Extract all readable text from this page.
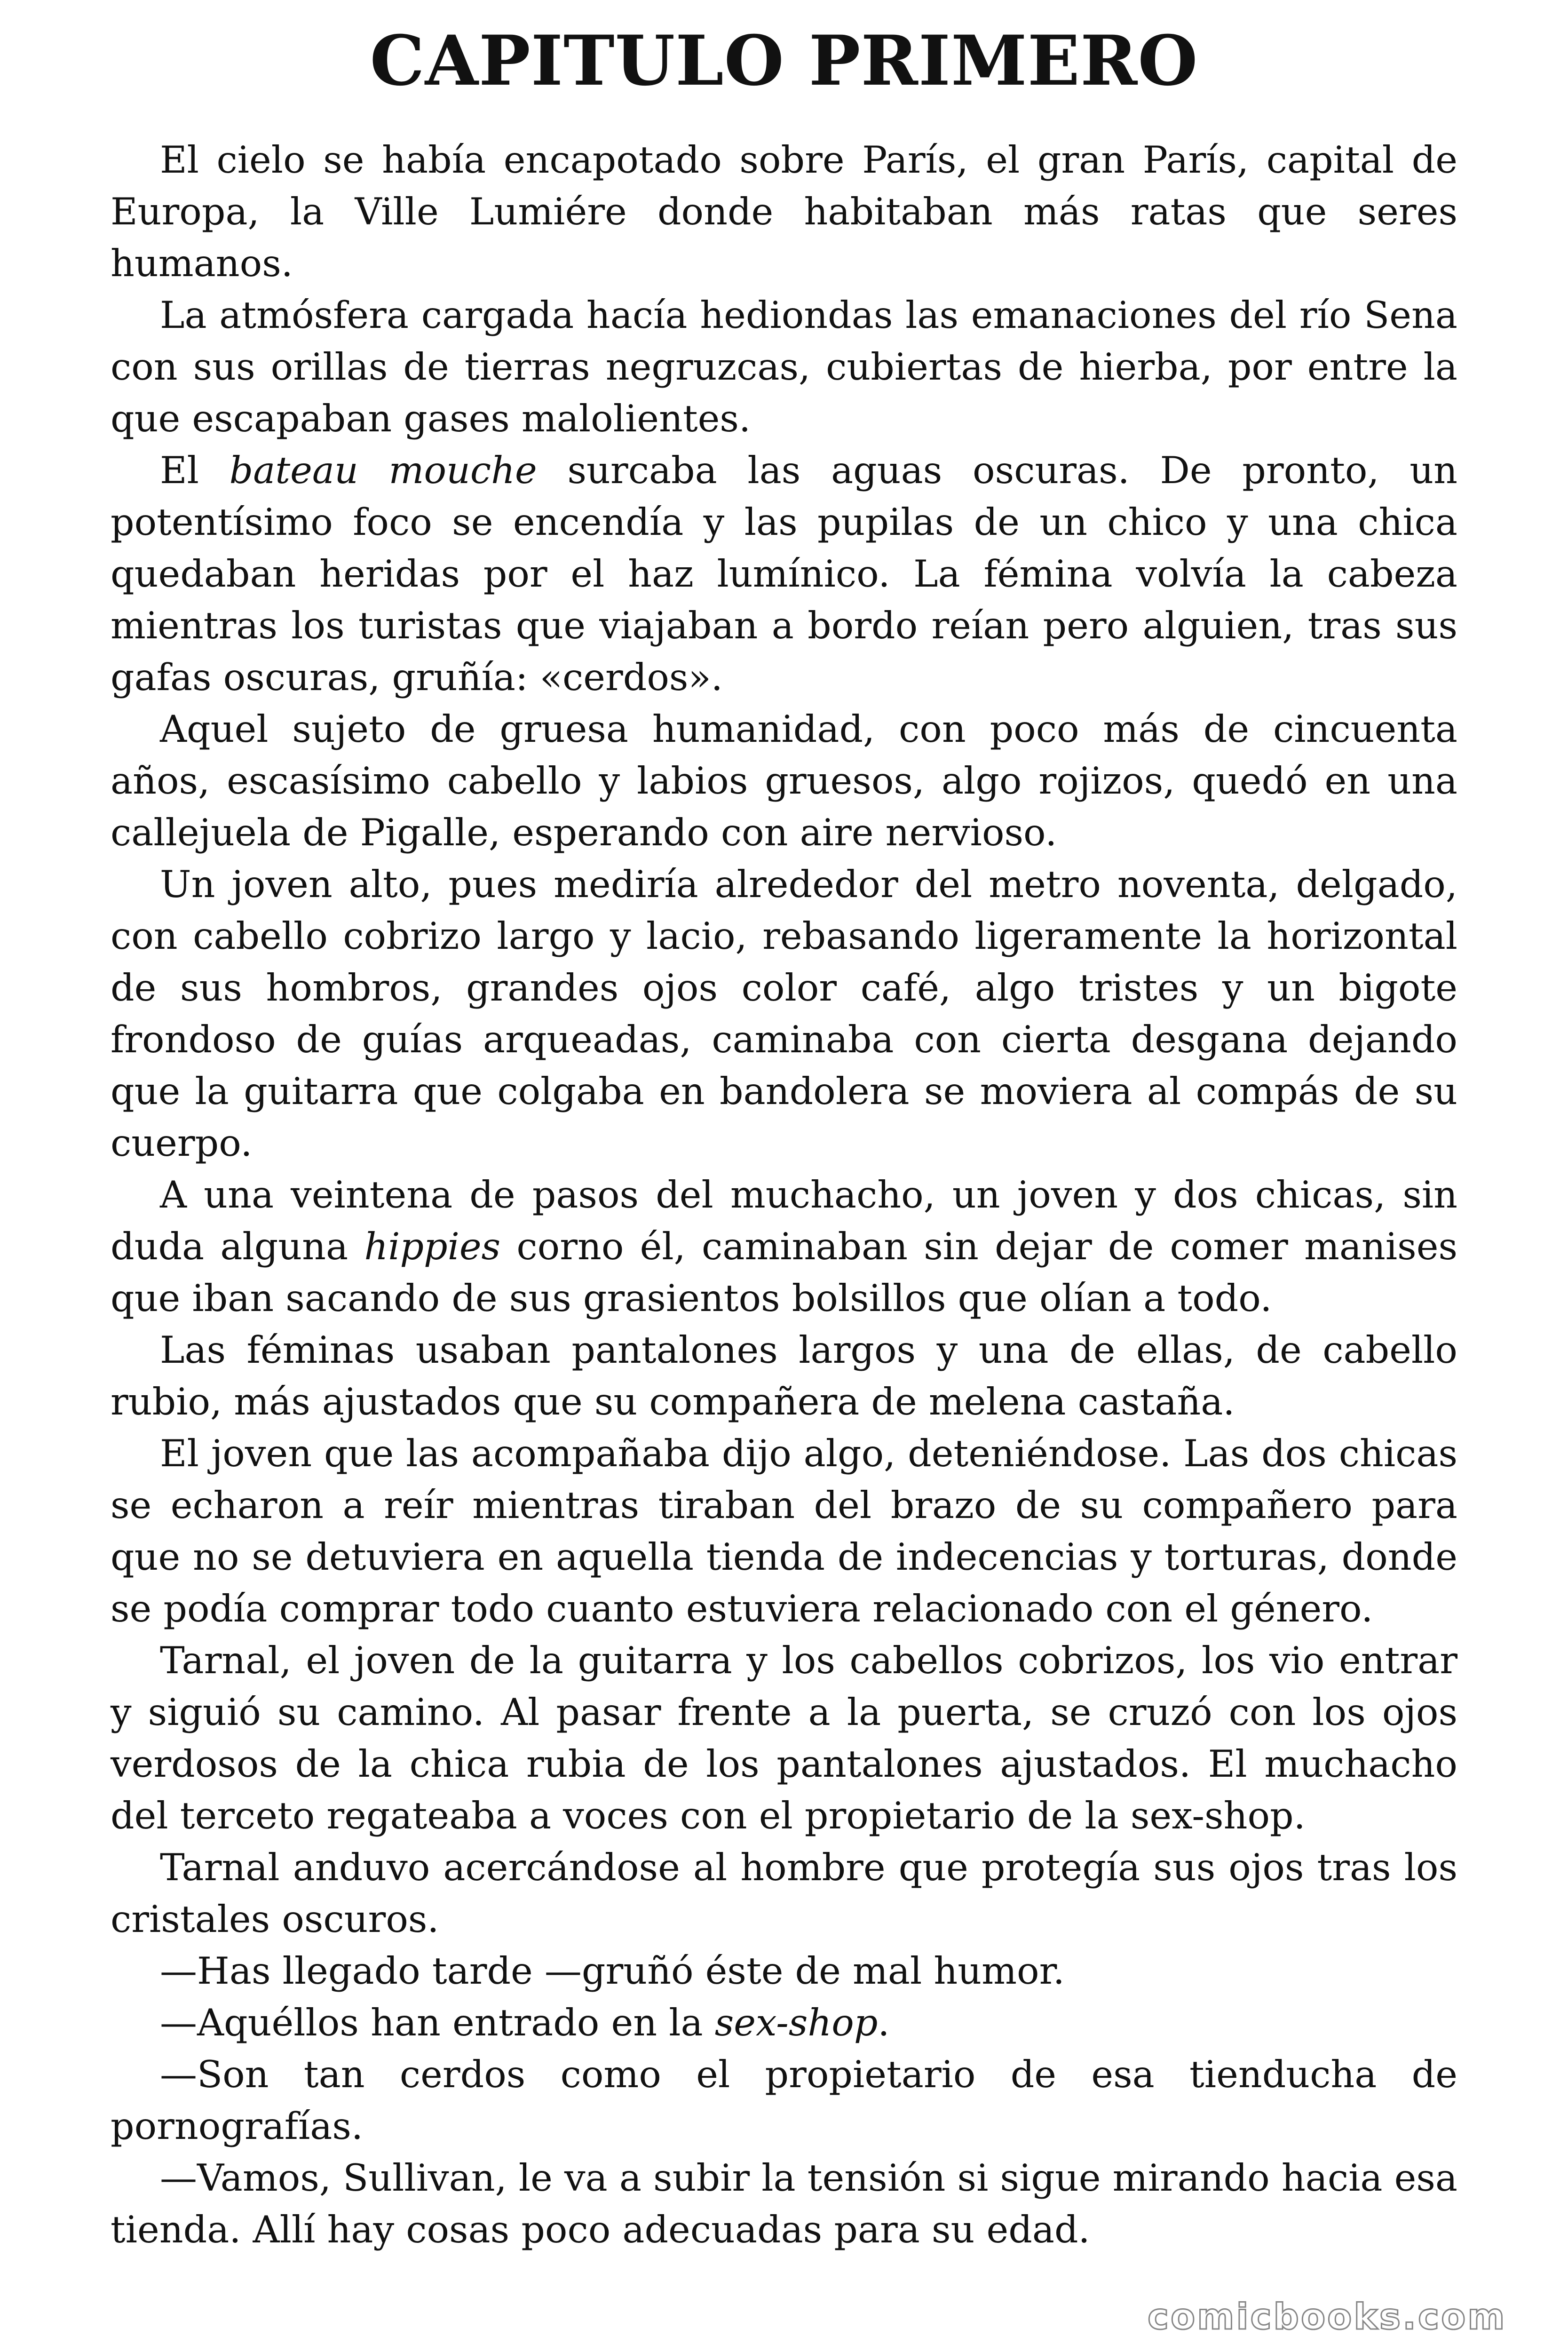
CAPITULO PRIMERO

El cielo se había encapotado sobre París, el gran París, capital de Europa, la Ville Lumiére donde habitaban más ratas que seres humanos.

La atmósfera cargada hacía hediondas las emanaciones del río Sena con sus orillas de tierras negruzcas, cubiertas de hierba, por entre la que escapaban gases malolientes.

El bateau mouche surcaba las aguas oscuras. De pronto, un potentísimo foco se encendía y las pupilas de un chico y una chica quedaban heridas por el haz lumínico. La fémina volvía la cabeza mientras los turistas que viajaban a bordo reían pero alguien, tras sus gafas oscuras, gruñía: «cerdos».

Aquel sujeto de gruesa humanidad, con poco más de cincuenta años, escasísimo cabello y labios gruesos, algo rojizos, quedó en una callejuela de Pigalle, esperando con aire nervioso.

Un joven alto, pues mediría alrededor del metro noventa, delgado, con cabello cobrizo largo y lacio, rebasando ligeramente la horizontal de sus hombros, grandes ojos color café, algo tristes y un bigote frondoso de guías arqueadas, caminaba con cierta desgana dejando que la guitarra que colgaba en bandolera se moviera al compás de su cuerpo.

A una veintena de pasos del muchacho, un joven y dos chicas, sin duda alguna hippies corno él, caminaban sin dejar de comer manises que iban sacando de sus grasientos bolsillos que olían a todo.

Las féminas usaban pantalones largos y una de ellas, de cabello rubio, más ajustados que su compañera de melena castaña.

El joven que las acompañaba dijo algo, deteniéndose. Las dos chicas se echaron a reír mientras tiraban del brazo de su compañero para que no se detuviera en aquella tienda de indecencias y torturas, donde se podía comprar todo cuanto estuviera relacionado con el género.

Tarnal, el joven de la guitarra y los cabellos cobrizos, los vio entrar y siguió su camino. Al pasar frente a la puerta, se cruzó con los ojos verdosos de la chica rubia de los pantalones ajustados. El muchacho del terceto regateaba a voces con el propietario de la sex-shop.

Tarnal anduvo acercándose al hombre que protegía sus ojos tras los cristales oscuros.

—Has llegado tarde —gruñó éste de mal humor.

—Aquéllos han entrado en la sex-shop.

—Son tan cerdos como el propietario de esa tienducha de pornografías.

—Vamos, Sullivan, le va a subir la tensión si sigue mirando hacia esa tienda. Allí hay cosas poco adecuadas para su edad.

comicbooks.com
